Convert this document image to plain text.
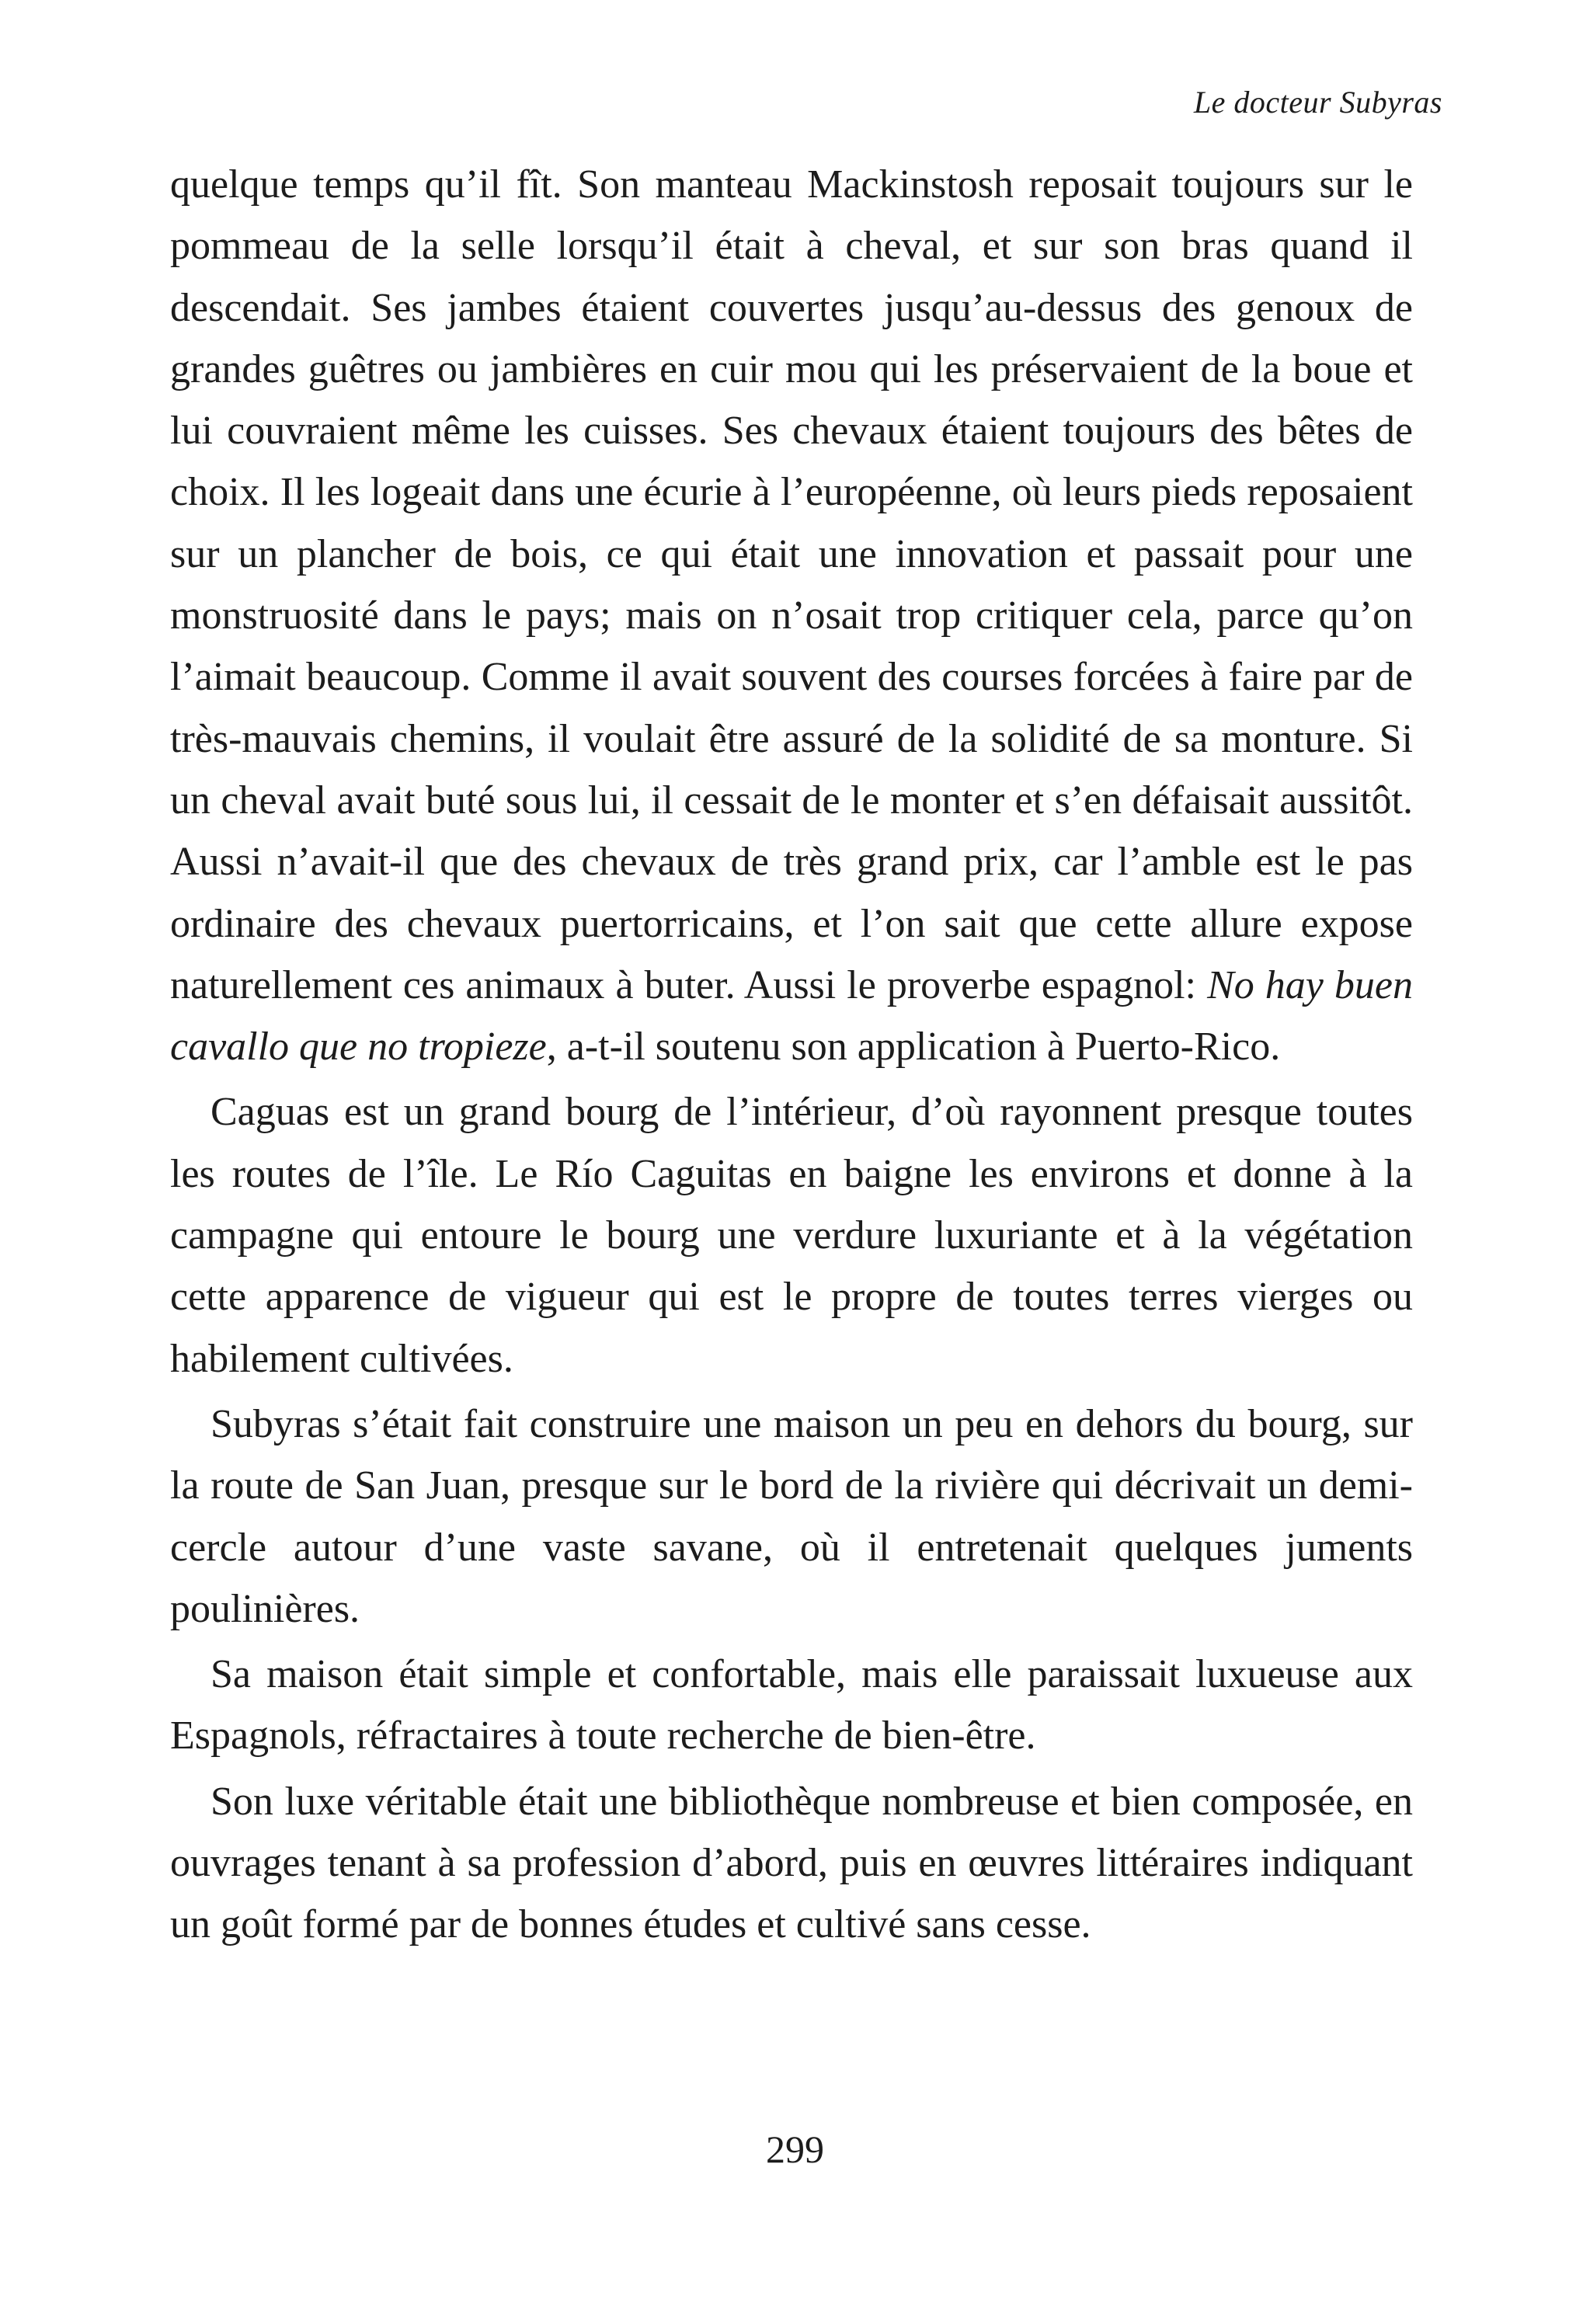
Le docteur Subyras

quelque temps qu’il fît. Son manteau Mackinstosh reposait toujours sur le pommeau de la selle lorsqu’il était à cheval, et sur son bras quand il descendait. Ses jambes étaient couvertes jusqu’au-dessus des genoux de grandes guêtres ou jambières en cuir mou qui les préservaient de la boue et lui couvraient même les cuisses. Ses chevaux étaient toujours des bêtes de choix. Il les logeait dans une écurie à l’européenne, où leurs pieds reposaient sur un plancher de bois, ce qui était une innovation et passait pour une monstruosité dans le pays; mais on n’osait trop critiquer cela, parce qu’on l’aimait beaucoup. Comme il avait souvent des courses forcées à faire par de très-mauvais chemins, il voulait être assuré de la solidité de sa monture. Si un cheval avait buté sous lui, il cessait de le monter et s’en défaisait aussitôt. Aussi n’avait-il que des chevaux de très grand prix, car l’amble est le pas ordinaire des chevaux puertorricains, et l’on sait que cette allure expose naturellement ces animaux à buter. Aussi le proverbe espagnol: No hay buen cavallo que no tropieze, a-t-il soutenu son application à Puerto-Rico.

Caguas est un grand bourg de l’intérieur, d’où rayonnent presque toutes les routes de l’île. Le Río Caguitas en baigne les environs et donne à la campagne qui entoure le bourg une verdure luxuriante et à la végétation cette apparence de vigueur qui est le propre de toutes terres vierges ou habilement cultivées.

Subyras s’était fait construire une maison un peu en dehors du bourg, sur la route de San Juan, presque sur le bord de la rivière qui décrivait un demi-cercle autour d’une vaste savane, où il entretenait quelques juments poulinières.

Sa maison était simple et confortable, mais elle paraissait luxueuse aux Espagnols, réfractaires à toute recherche de bien-être.

Son luxe véritable était une bibliothèque nombreuse et bien composée, en ouvrages tenant à sa profession d’abord, puis en œuvres littéraires indiquant un goût formé par de bonnes études et cultivé sans cesse.

299
